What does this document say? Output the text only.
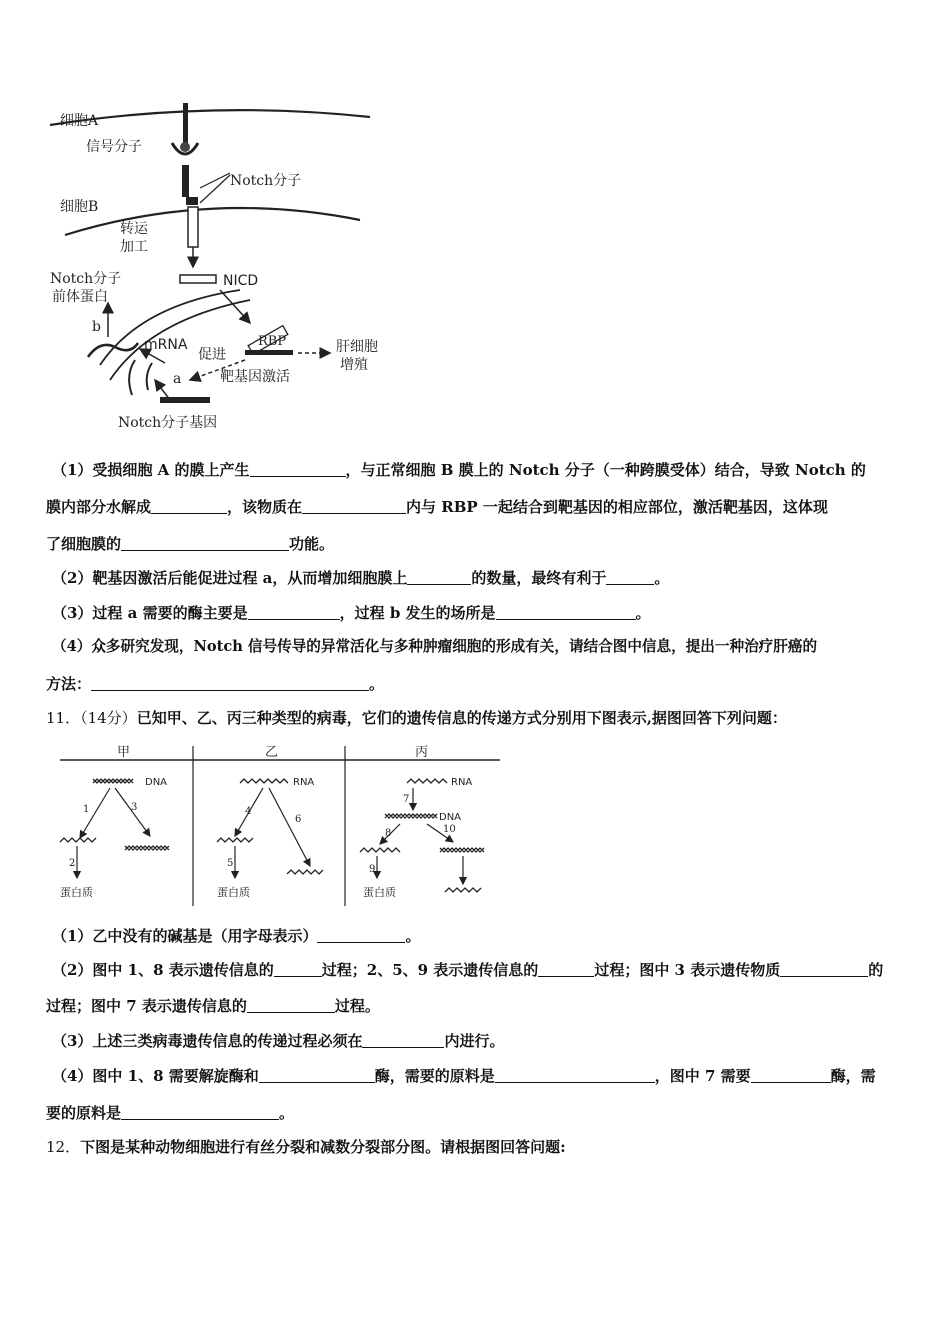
细胞A
信号分子
Notch分子
细胞B
转运
加工
NICD
Notch分子
前体蛋白
b
mRNA
促进
RBP	肝细胞
增殖
a	靶基因激活
Notch分子基因
（1）受损细胞 A 的膜上产生	，与正常细胞 B 膜上的 Notch 分子（一种跨膜受体）结合，导致 Notch 的
膜内部分水解成	，该物质在	内与 RBP 一起结合到靶基因的相应部位，激活靶基因，这体现
了细胞膜的	功能。
（2）靶基因激活后能促进过程 a，从而增加细胞膜上	的数量，最终有利于	。
（3）过程 a 需要的酶主要是	，过程 b 发生的场所是	。
（4）众多研究发现，Notch 信号传导的异常活化与多种肿瘤细胞的形成有关，请结合图中信息，提出一种治疗肝癌的
方法：	。
11．（14分）已知甲、乙、丙三种类型的病毒，它们的遗传信息的传递方式分别用下图表示,据图回答下列问题：
甲	乙	丙
DNA
1	3
2
蛋白质
RNA
4
6
5
蛋白质
RNA
7
DNA
8	10
9
蛋白质
（1）乙中没有的碱基是（用字母表示）	。
（2）图中 1、8 表示遗传信息的	过程；2、5、9 表示遗传信息的	过程；图中 3 表示遗传物质	的
过程；图中 7 表示遗传信息的	过程。
（3）上述三类病毒遗传信息的传递过程必须在	内进行。
（4）图中 1、8 需要解旋酶和	酶，需要的原料是	，图中 7 需要	酶，需
要的原料是	。
12．下图是某种动物细胞进行有丝分裂和减数分裂部分图。请根据图回答问题:
